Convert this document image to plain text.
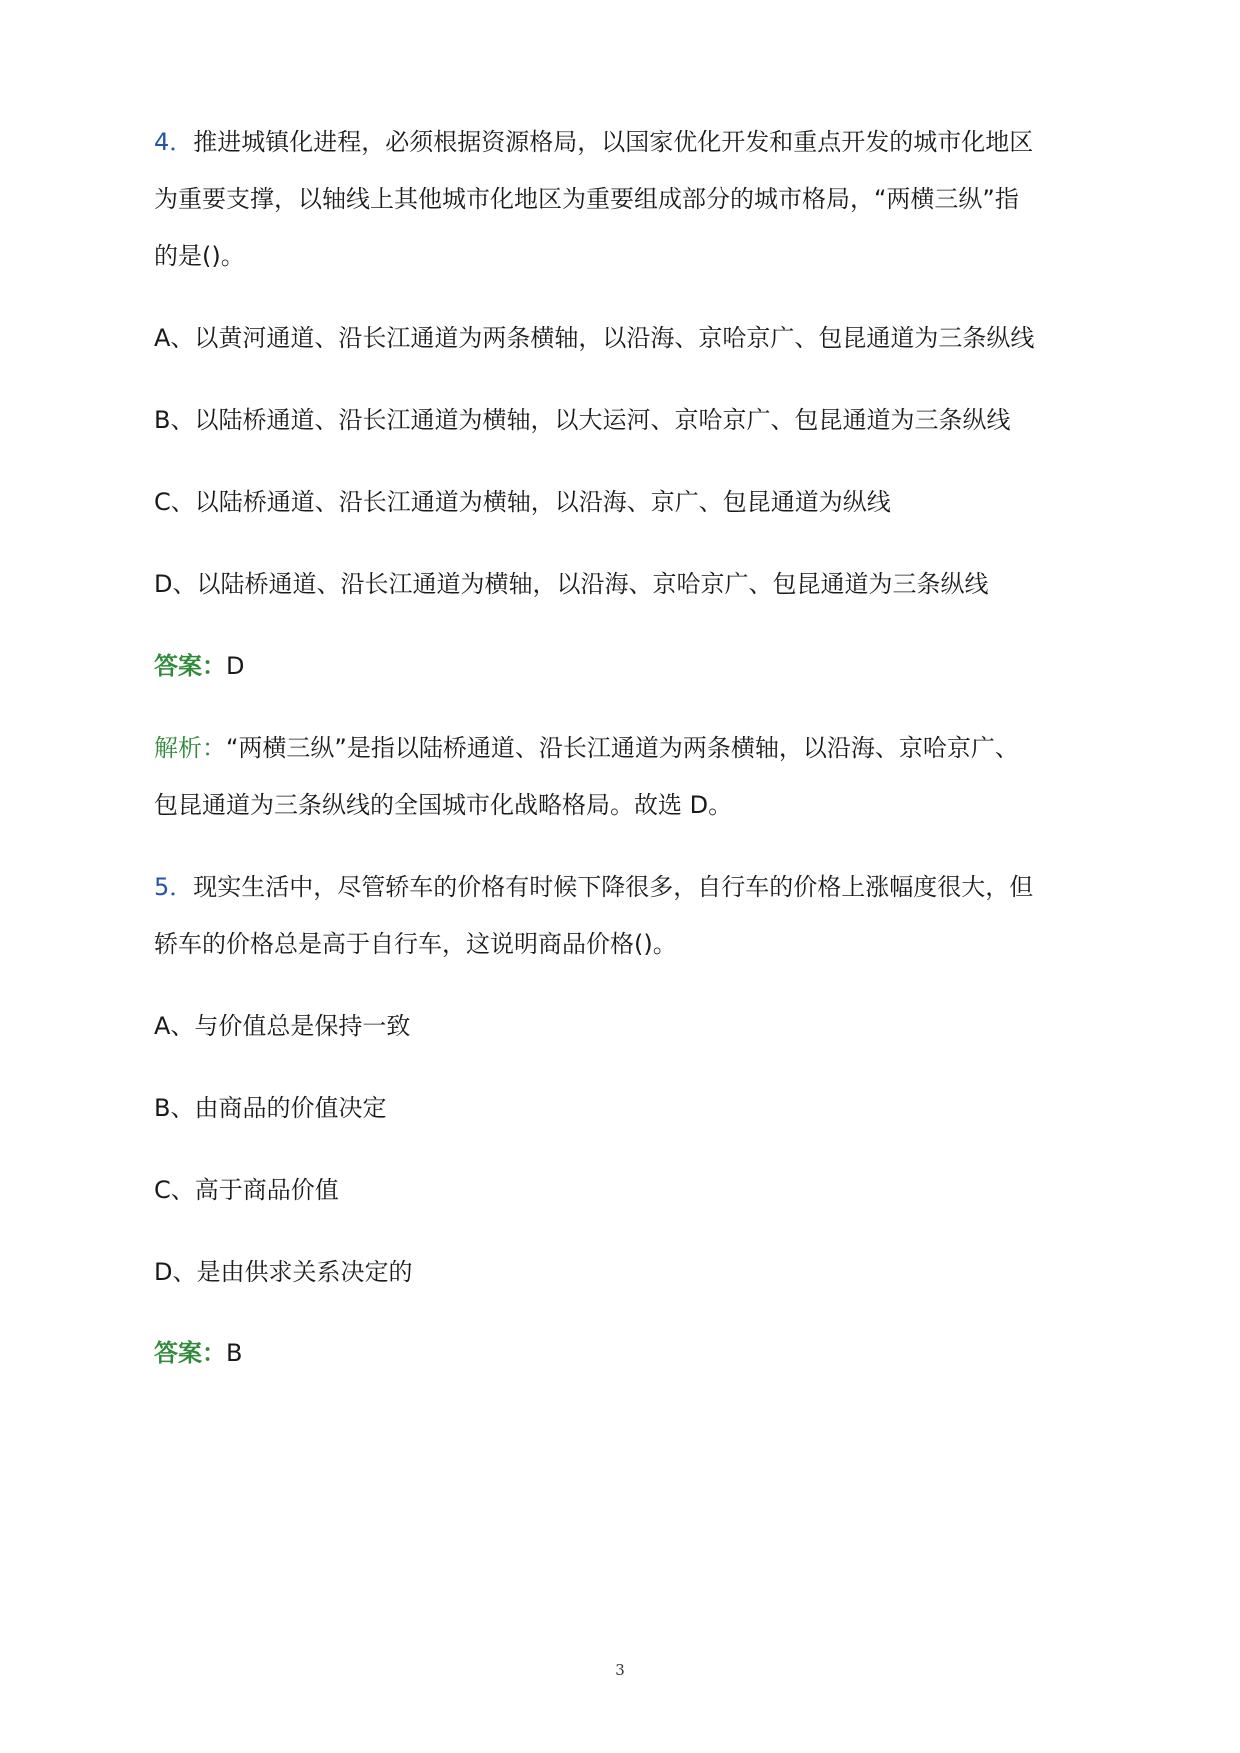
4．推进城镇化进程，必须根据资源格局，以国家优化开发和重点开发的城市化地区
为重要支撑，以轴线上其他城市化地区为重要组成部分的城市格局，“两横三纵”指
的是()。
A、以黄河通道、沿长江通道为两条横轴，以沿海、京哈京广、包昆通道为三条纵线
B、以陆桥通道、沿长江通道为横轴，以大运河、京哈京广、包昆通道为三条纵线
C、以陆桥通道、沿长江通道为横轴，以沿海、京广、包昆通道为纵线
D、以陆桥通道、沿长江通道为横轴，以沿海、京哈京广、包昆通道为三条纵线
答案：D
解析：“两横三纵”是指以陆桥通道、沿长江通道为两条横轴，以沿海、京哈京广、
包昆通道为三条纵线的全国城市化战略格局。故选 D。
5．现实生活中，尽管轿车的价格有时候下降很多，自行车的价格上涨幅度很大，但
轿车的价格总是高于自行车，这说明商品价格()。
A、与价值总是保持一致
B、由商品的价值决定
C、高于商品价值
D、是由供求关系决定的
答案：B
3
